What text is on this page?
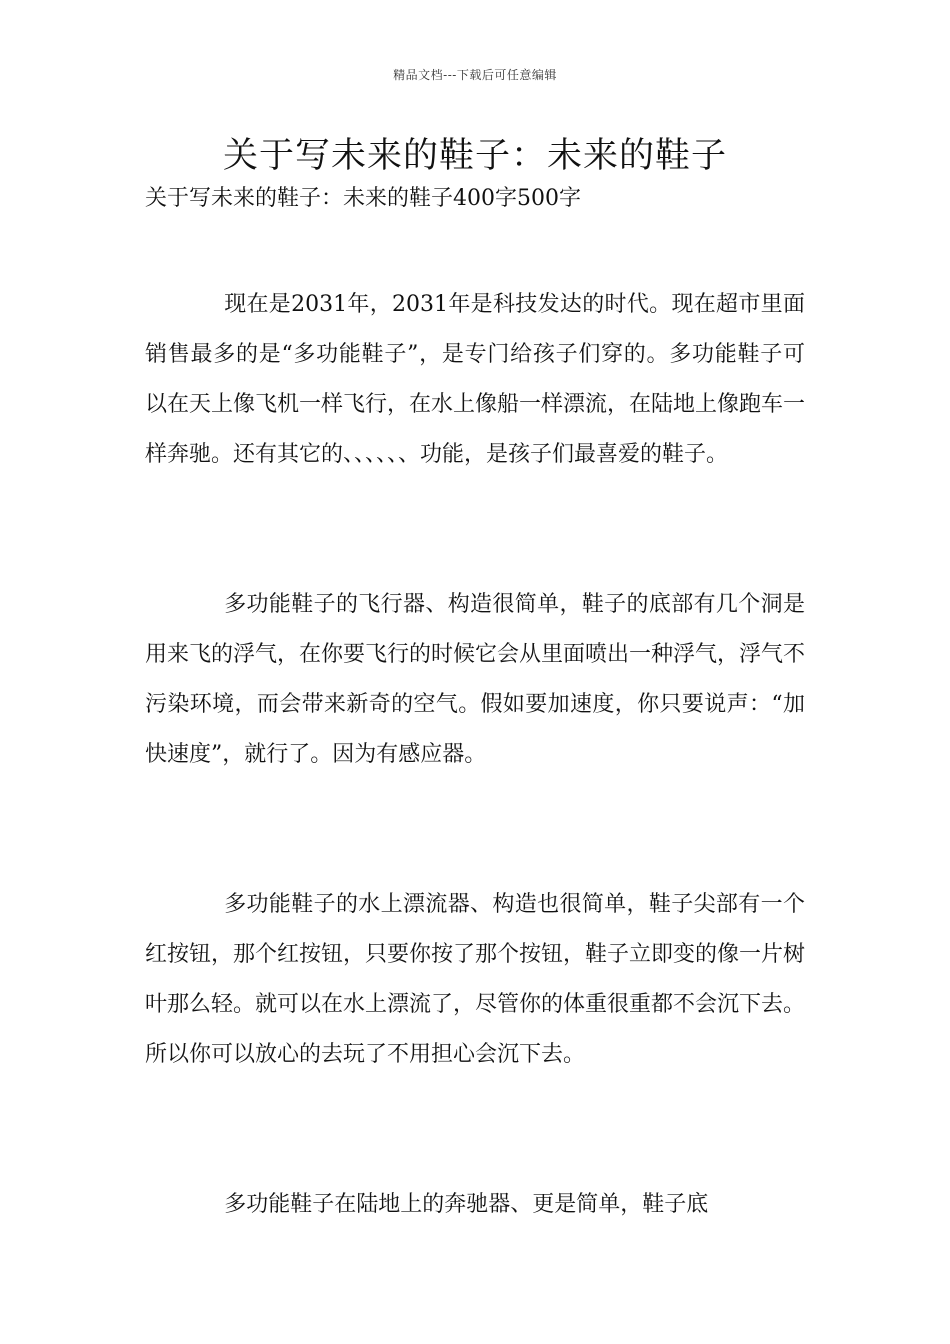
精品文档---下载后可任意编辑
关于写未来的鞋子：未来的鞋子
关于写未来的鞋子：未来的鞋子400字500字

现在是2031年，2031年是科技发达的时代。现在超市里面销售最多的是“多功能鞋子”，是专门给孩子们穿的。多功能鞋子可以在天上像飞机一样飞行，在水上像船一样漂流，在陆地上像跑车一样奔驰。还有其它的、、、、、、功能，是孩子们最喜爱的鞋子。

多功能鞋子的飞行器、构造很简单，鞋子的底部有几个洞是用来飞的浮气，在你要飞行的时候它会从里面喷出一种浮气，浮气不污染环境，而会带来新奇的空气。假如要加速度，你只要说声：“加快速度”，就行了。因为有感应器。

多功能鞋子的水上漂流器、构造也很简单，鞋子尖部有一个红按钮，那个红按钮，只要你按了那个按钮，鞋子立即变的像一片树叶那么轻。就可以在水上漂流了，尽管你的体重很重都不会沉下去。所以你可以放心的去玩了不用担心会沉下去。

多功能鞋子在陆地上的奔驰器、更是简单，鞋子底
